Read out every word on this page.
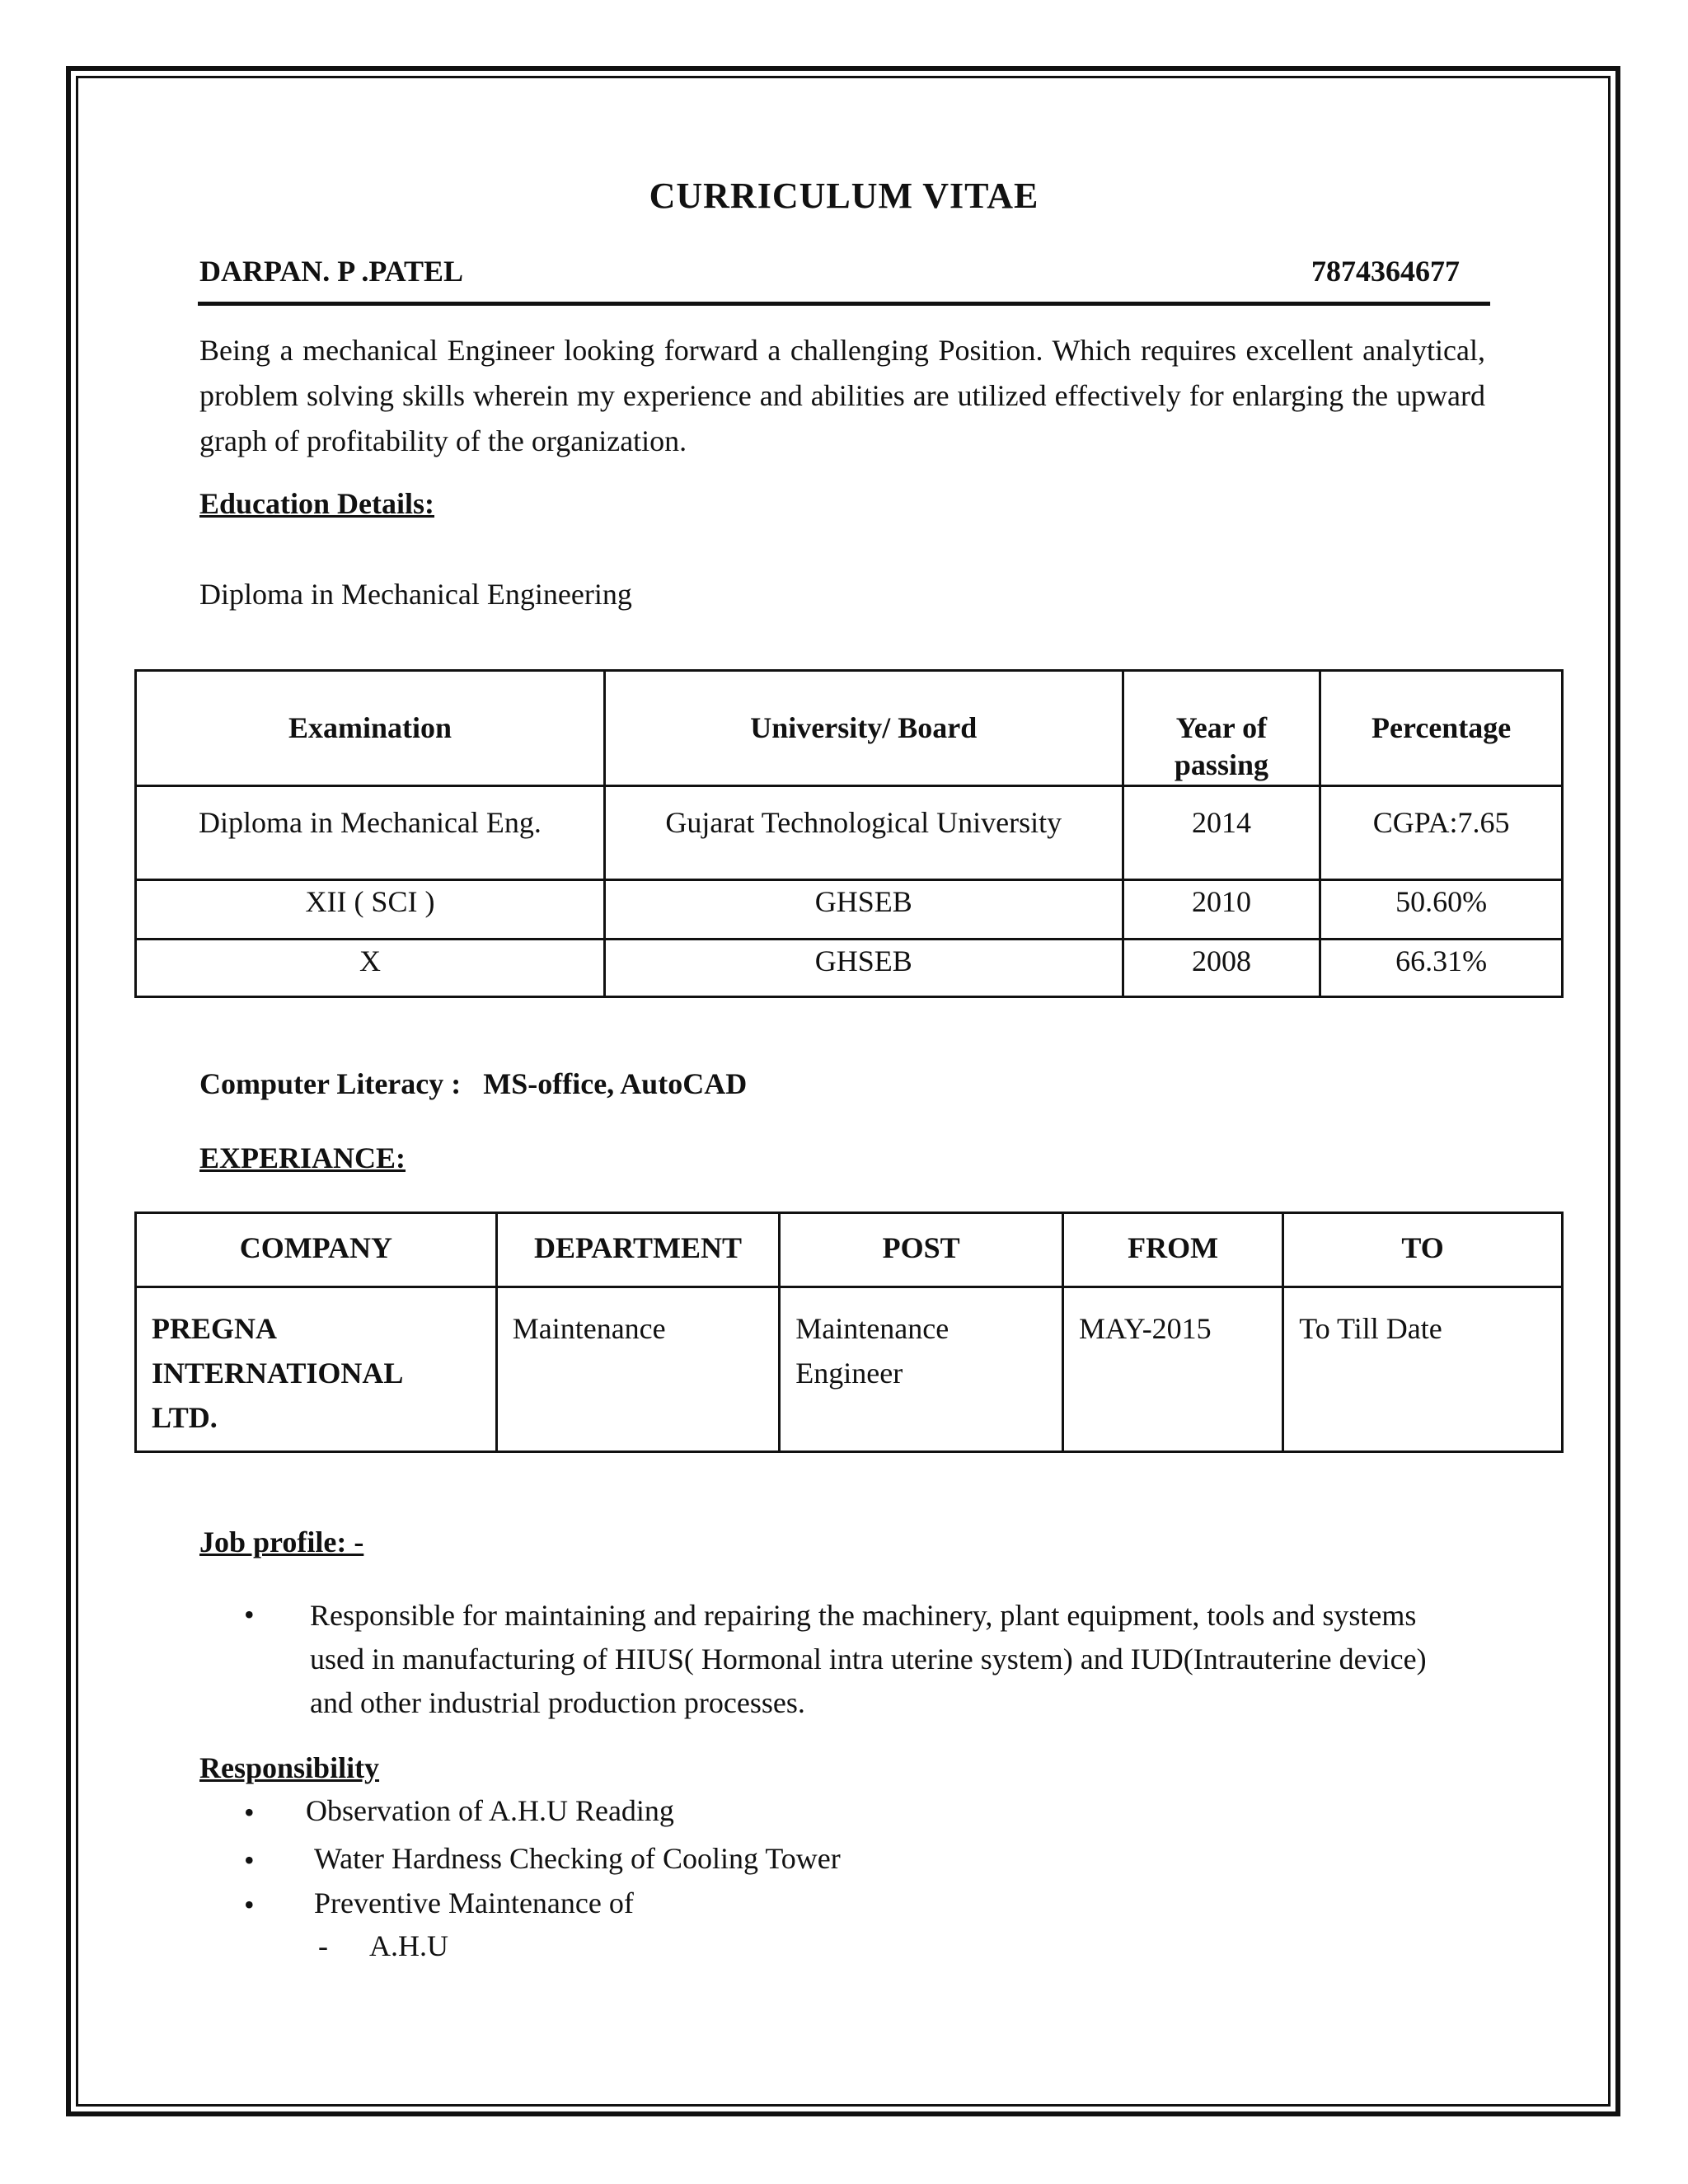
CURRICULUM VITAE
DARPAN. P .PATEL	7874364677
Being a mechanical Engineer looking forward a challenging Position. Which requires excellent analytical, problem solving skills wherein my experience and abilities are utilized effectively for enlarging the upward graph of profitability of the organization.
Education Details:
Diploma in Mechanical Engineering
Examination	University/ Board	Year of passing	Percentage
Diploma in Mechanical Eng.	Gujarat Technological University	2014	CGPA:7.65
XII ( SCI )	GHSEB	2010	50.60%
X	GHSEB	2008	66.31%
Computer Literacy : MS-office, AutoCAD
EXPERIANCE:
COMPANY	DEPARTMENT	POST	FROM	TO
PREGNA INTERNATIONAL LTD.	Maintenance	Maintenance Engineer	MAY-2015	To Till Date
Job profile: -
• Responsible for maintaining and repairing the machinery, plant equipment, tools and systems used in manufacturing of HIUS( Hormonal intra uterine system) and IUD(Intrauterine device) and other industrial production processes.
Responsibility
• Observation of A.H.U Reading
• Water Hardness Checking of Cooling Tower
• Preventive Maintenance of
- A.H.U
